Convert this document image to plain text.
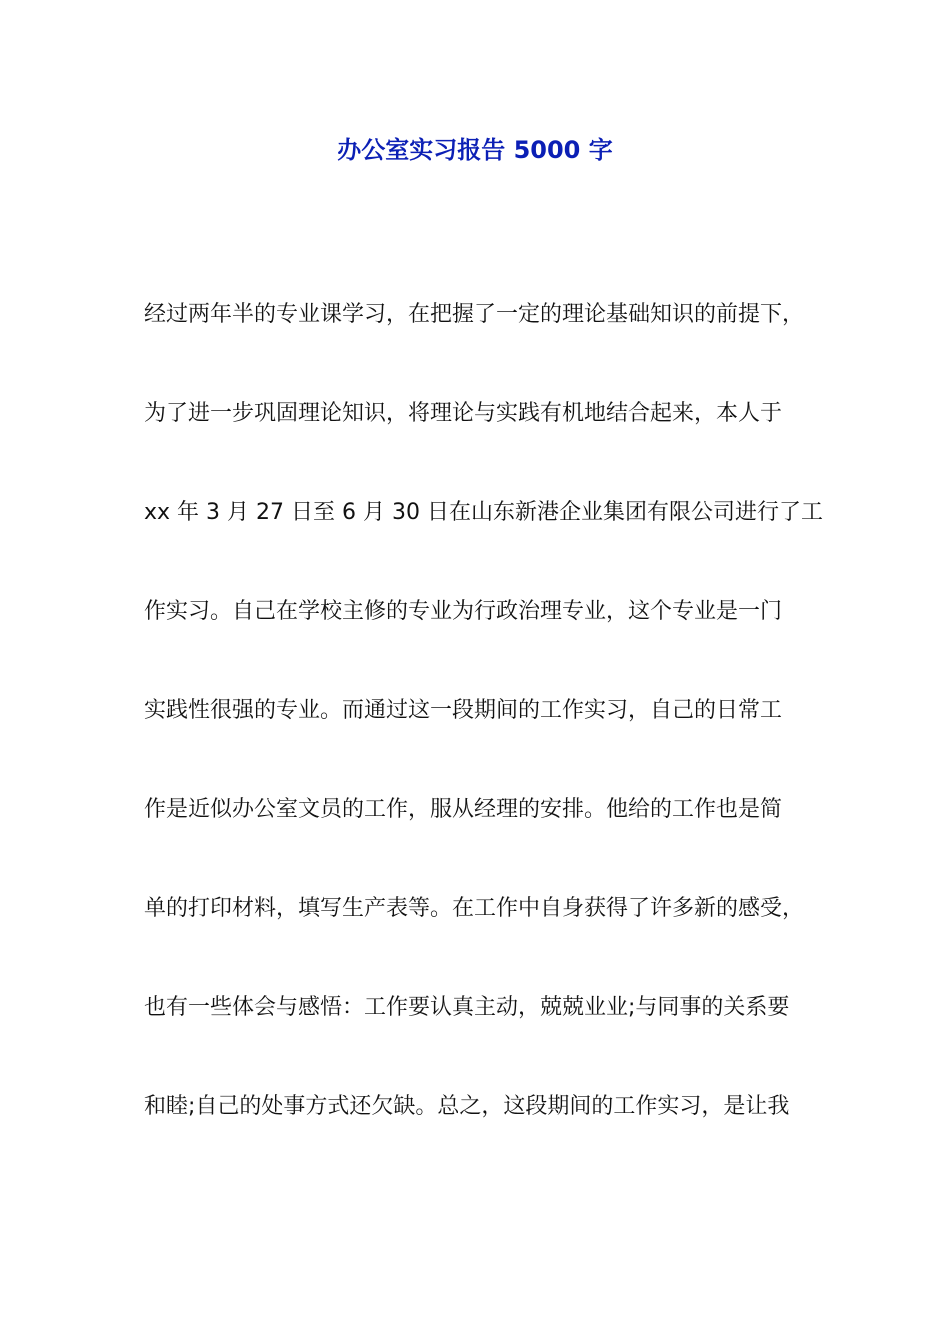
办公室实习报告 5000 字
经过两年半的专业课学习，在把握了一定的理论基础知识的前提下，
为了进一步巩固理论知识，将理论与实践有机地结合起来，本人于
xx 年 3 月 27 日至 6 月 30 日在山东新港企业集团有限公司进行了工
作实习。自己在学校主修的专业为行政治理专业，这个专业是一门
实践性很强的专业。而通过这一段期间的工作实习，自己的日常工
作是近似办公室文员的工作，服从经理的安排。他给的工作也是简
单的打印材料，填写生产表等。在工作中自身获得了许多新的感受，
也有一些体会与感悟：工作要认真主动，兢兢业业;与同事的关系要
和睦;自己的处事方式还欠缺。总之，这段期间的工作实习，是让我
